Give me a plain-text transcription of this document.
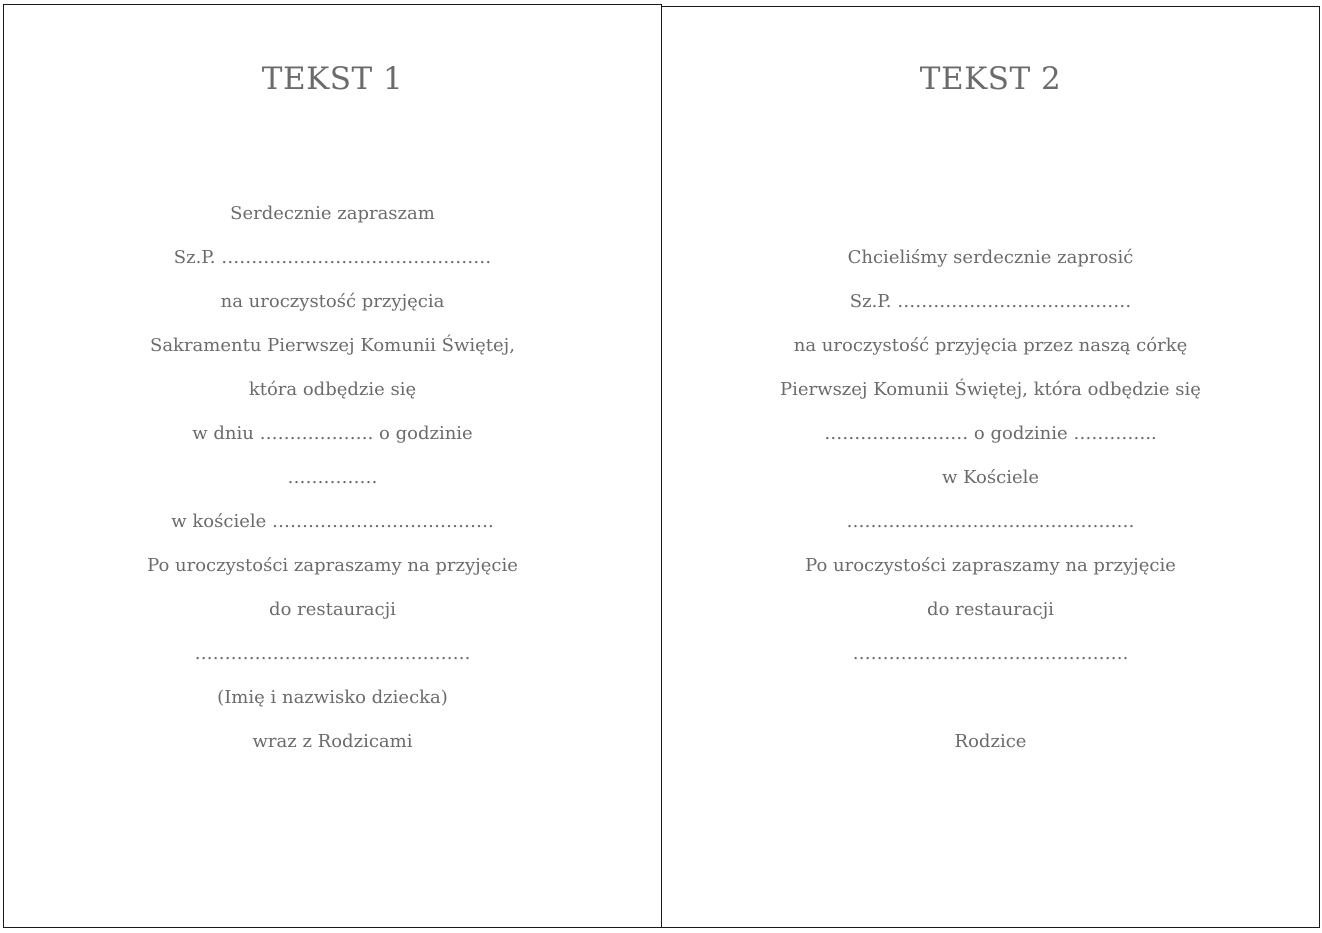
TEKST 1
Serdecznie zapraszam
Sz.P. ………………………………………
na uroczystość przyjęcia
Sakramentu Pierwszej Komunii Świętej,
która odbędzie się
w dniu ………………. o godzinie
……………
w kościele ……………………………….
Po uroczystości zapraszamy na przyjęcie
do restauracji
……………………………………….
(Imię i nazwisko dziecka)
wraz z Rodzicami
TEKST 2
Chcieliśmy serdecznie zaprosić
Sz.P. …………………………………
na uroczystość przyjęcia przez naszą córkę
Pierwszej Komunii Świętej, która odbędzie się
…………………… o godzinie …………..
w Kościele
…………………………………………
Po uroczystości zapraszamy na przyjęcie
do restauracji
……………………………………….
Rodzice
